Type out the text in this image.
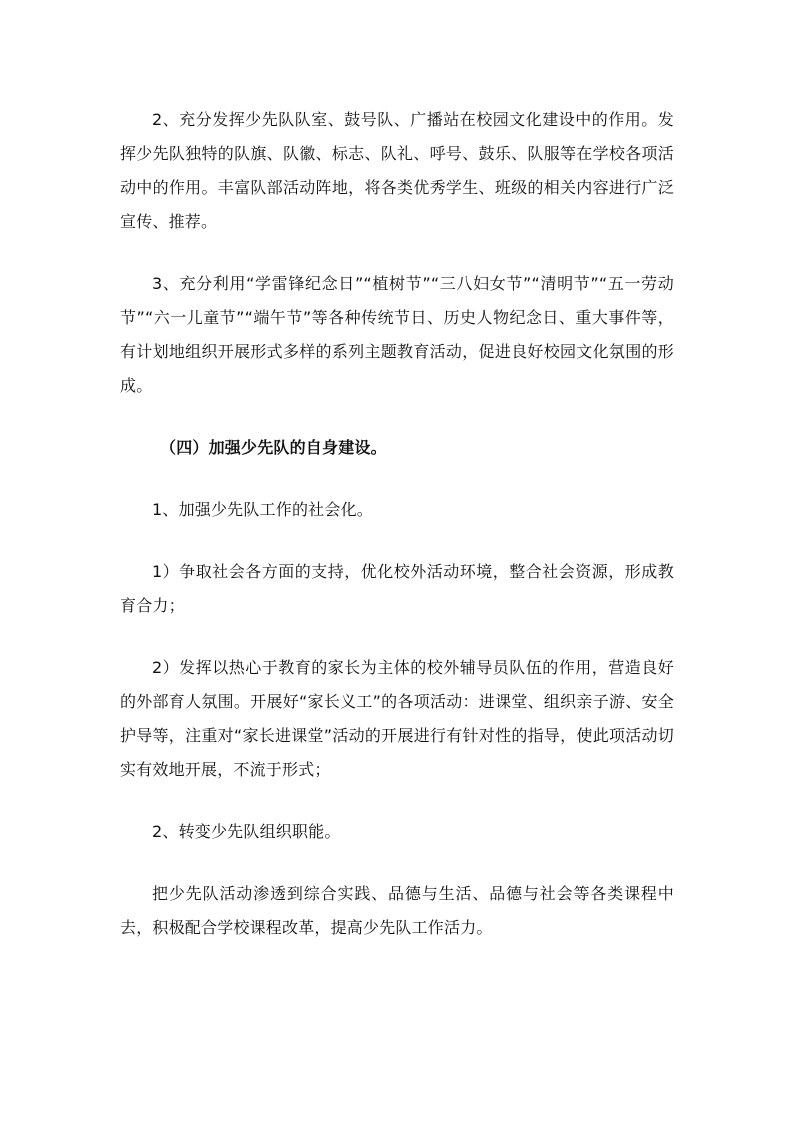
2、充分发挥少先队队室、鼓号队、广播站在校园文化建设中的作用。发挥少先队独特的队旗、队徽、标志、队礼、呼号、鼓乐、队服等在学校各项活动中的作用。丰富队部活动阵地，将各类优秀学生、班级的相关内容进行广泛宣传、推荐。

3、充分利用“学雷锋纪念日”“植树节”“三八妇女节”“清明节”“五一劳动节”“六一儿童节”“端午节”等各种传统节日、历史人物纪念日、重大事件等，有计划地组织开展形式多样的系列主题教育活动，促进良好校园文化氛围的形成。

（四）加强少先队的自身建设。

1、加强少先队工作的社会化。

1）争取社会各方面的支持，优化校外活动环境，整合社会资源，形成教育合力；

2）发挥以热心于教育的家长为主体的校外辅导员队伍的作用，营造良好的外部育人氛围。开展好“家长义工”的各项活动：进课堂、组织亲子游、安全护导等，注重对“家长进课堂”活动的开展进行有针对性的指导，使此项活动切实有效地开展，不流于形式；

2、转变少先队组织职能。

把少先队活动渗透到综合实践、品德与生活、品德与社会等各类课程中去，积极配合学校课程改革，提高少先队工作活力。
